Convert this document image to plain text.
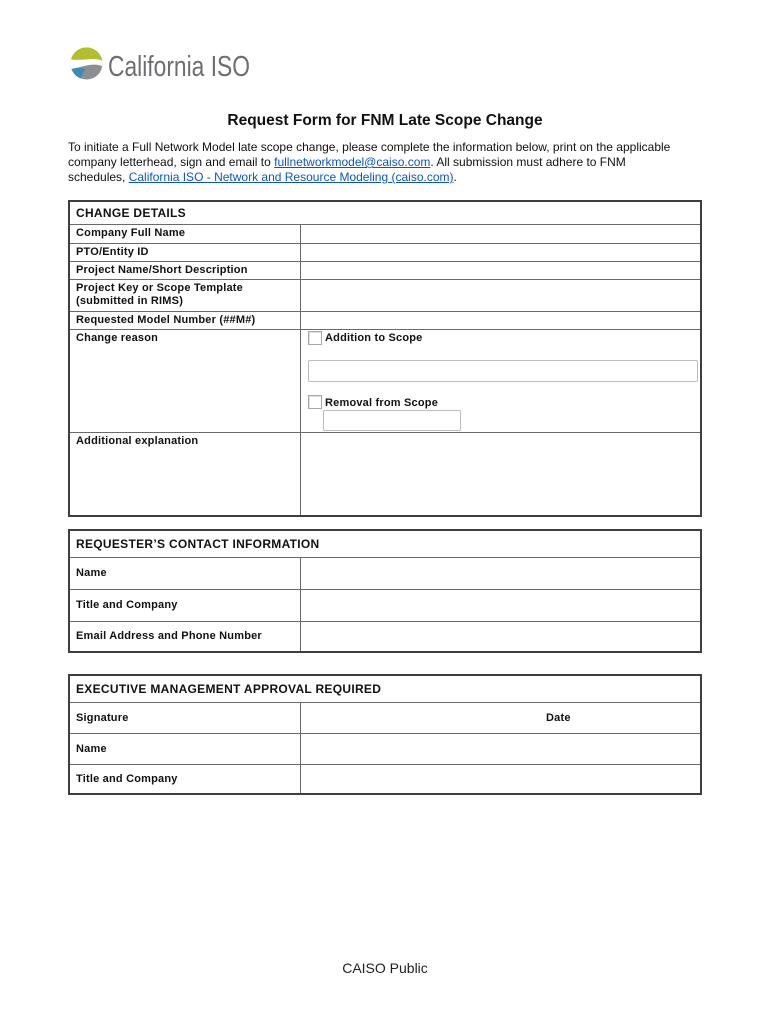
California ISO
Request Form for FNM Late Scope Change

To initiate a Full Network Model late scope change, please complete the information below, print on the applicable
company letterhead, sign and email to fullnetworkmodel@caiso.com. All submission must adhere to FNM
schedules, California ISO - Network and Resource Modeling (caiso.com).

CHANGE DETAILS
Company Full Name
PTO/Entity ID
Project Name/Short Description
Project Key or Scope Template
(submitted in RIMS)
Requested Model Number (##M#)
Change reason	Addition to Scope
Removal from Scope
Additional explanation
REQUESTER’S CONTACT INFORMATION
Name
Title and Company
Email Address and Phone Number
EXECUTIVE MANAGEMENT APPROVAL REQUIRED
Signature	Date
Name
Title and Company
CAISO Public
